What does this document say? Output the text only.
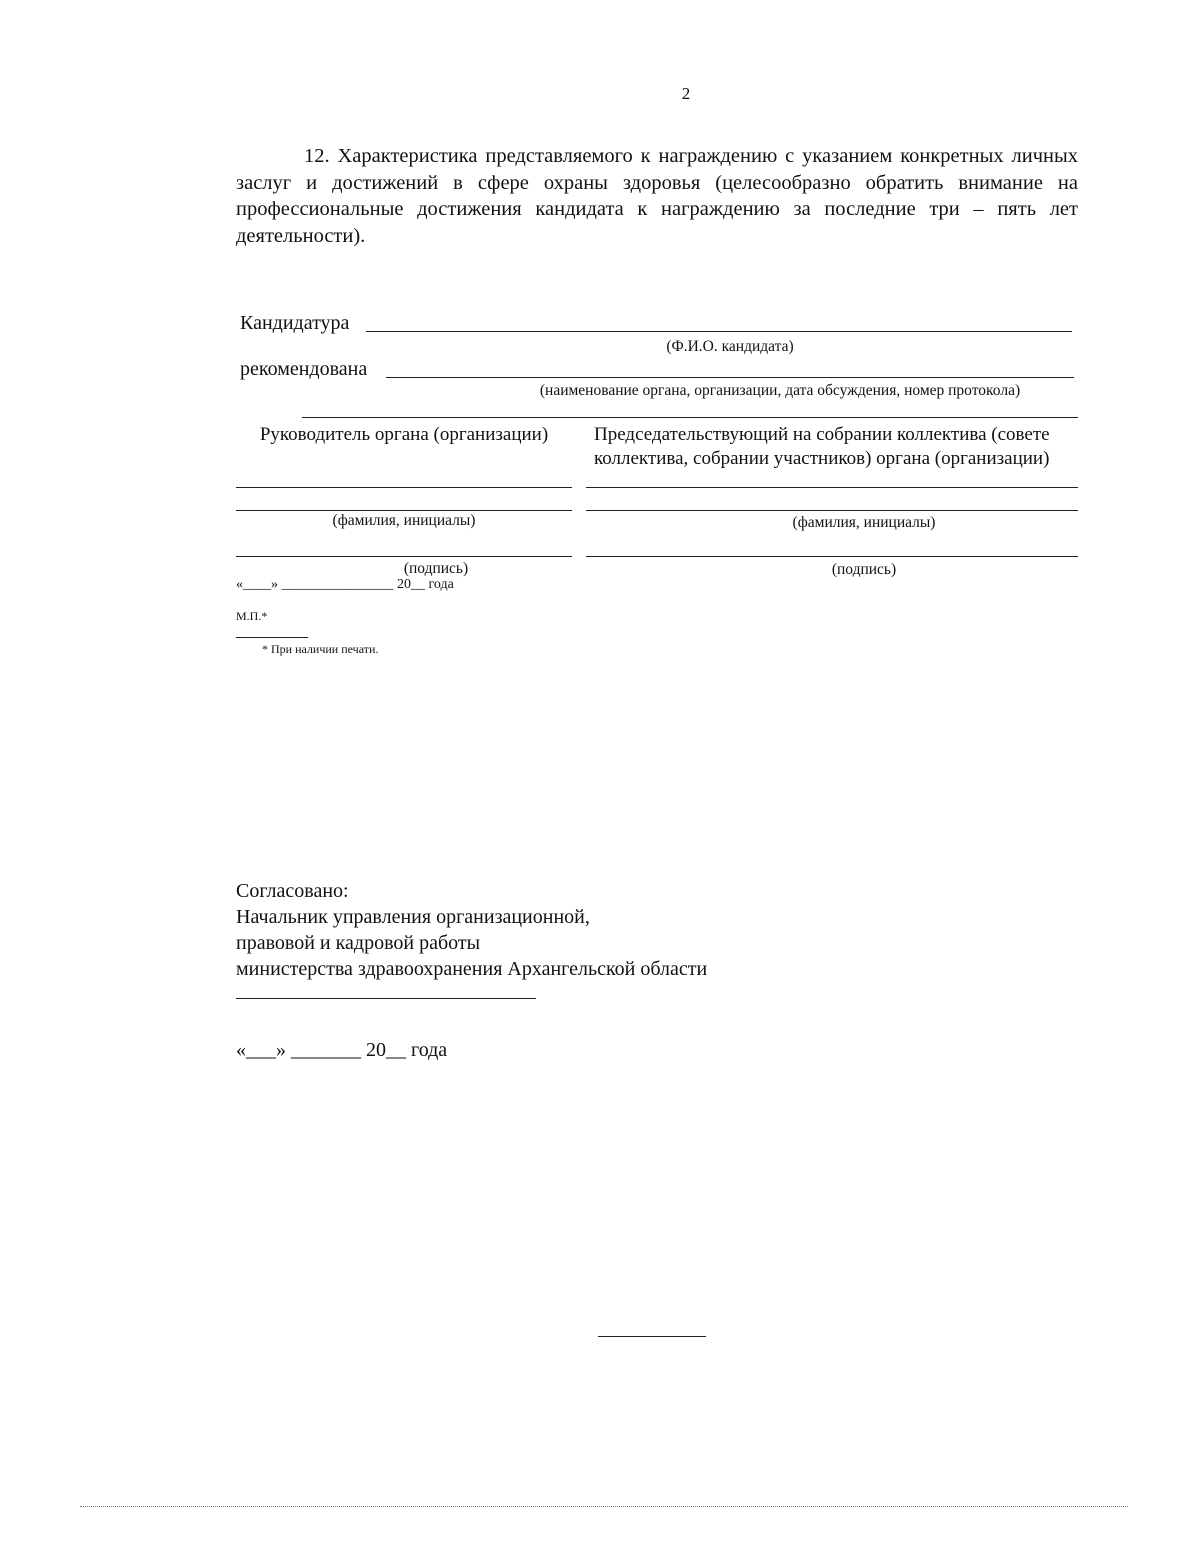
2
12. Характеристика представляемого к награждению с указанием конкретных личных заслуг и достижений в сфере охраны здоровья (целесообразно обратить внимание на профессиональные достижения кандидата к награждению за последние три – пять лет деятельности).
Кандидатура
(Ф.И.О. кандидата)
рекомендована
(наименование органа, организации, дата обсуждения, номер протокола)
Руководитель органа (организации)
(фамилия, инициалы)
(подпись)
«____» ________________ 20__ года
Председательствующий на собрании коллектива (совете
коллектива, собрании участников) органа (организации)
(фамилия, инициалы)
(подпись)
М.П.*
* При наличии печати.
Согласовано:
Начальник управления организационной,
правовой и кадровой работы
министерства здравоохранения Архангельской области
«___» _______ 20__ года
